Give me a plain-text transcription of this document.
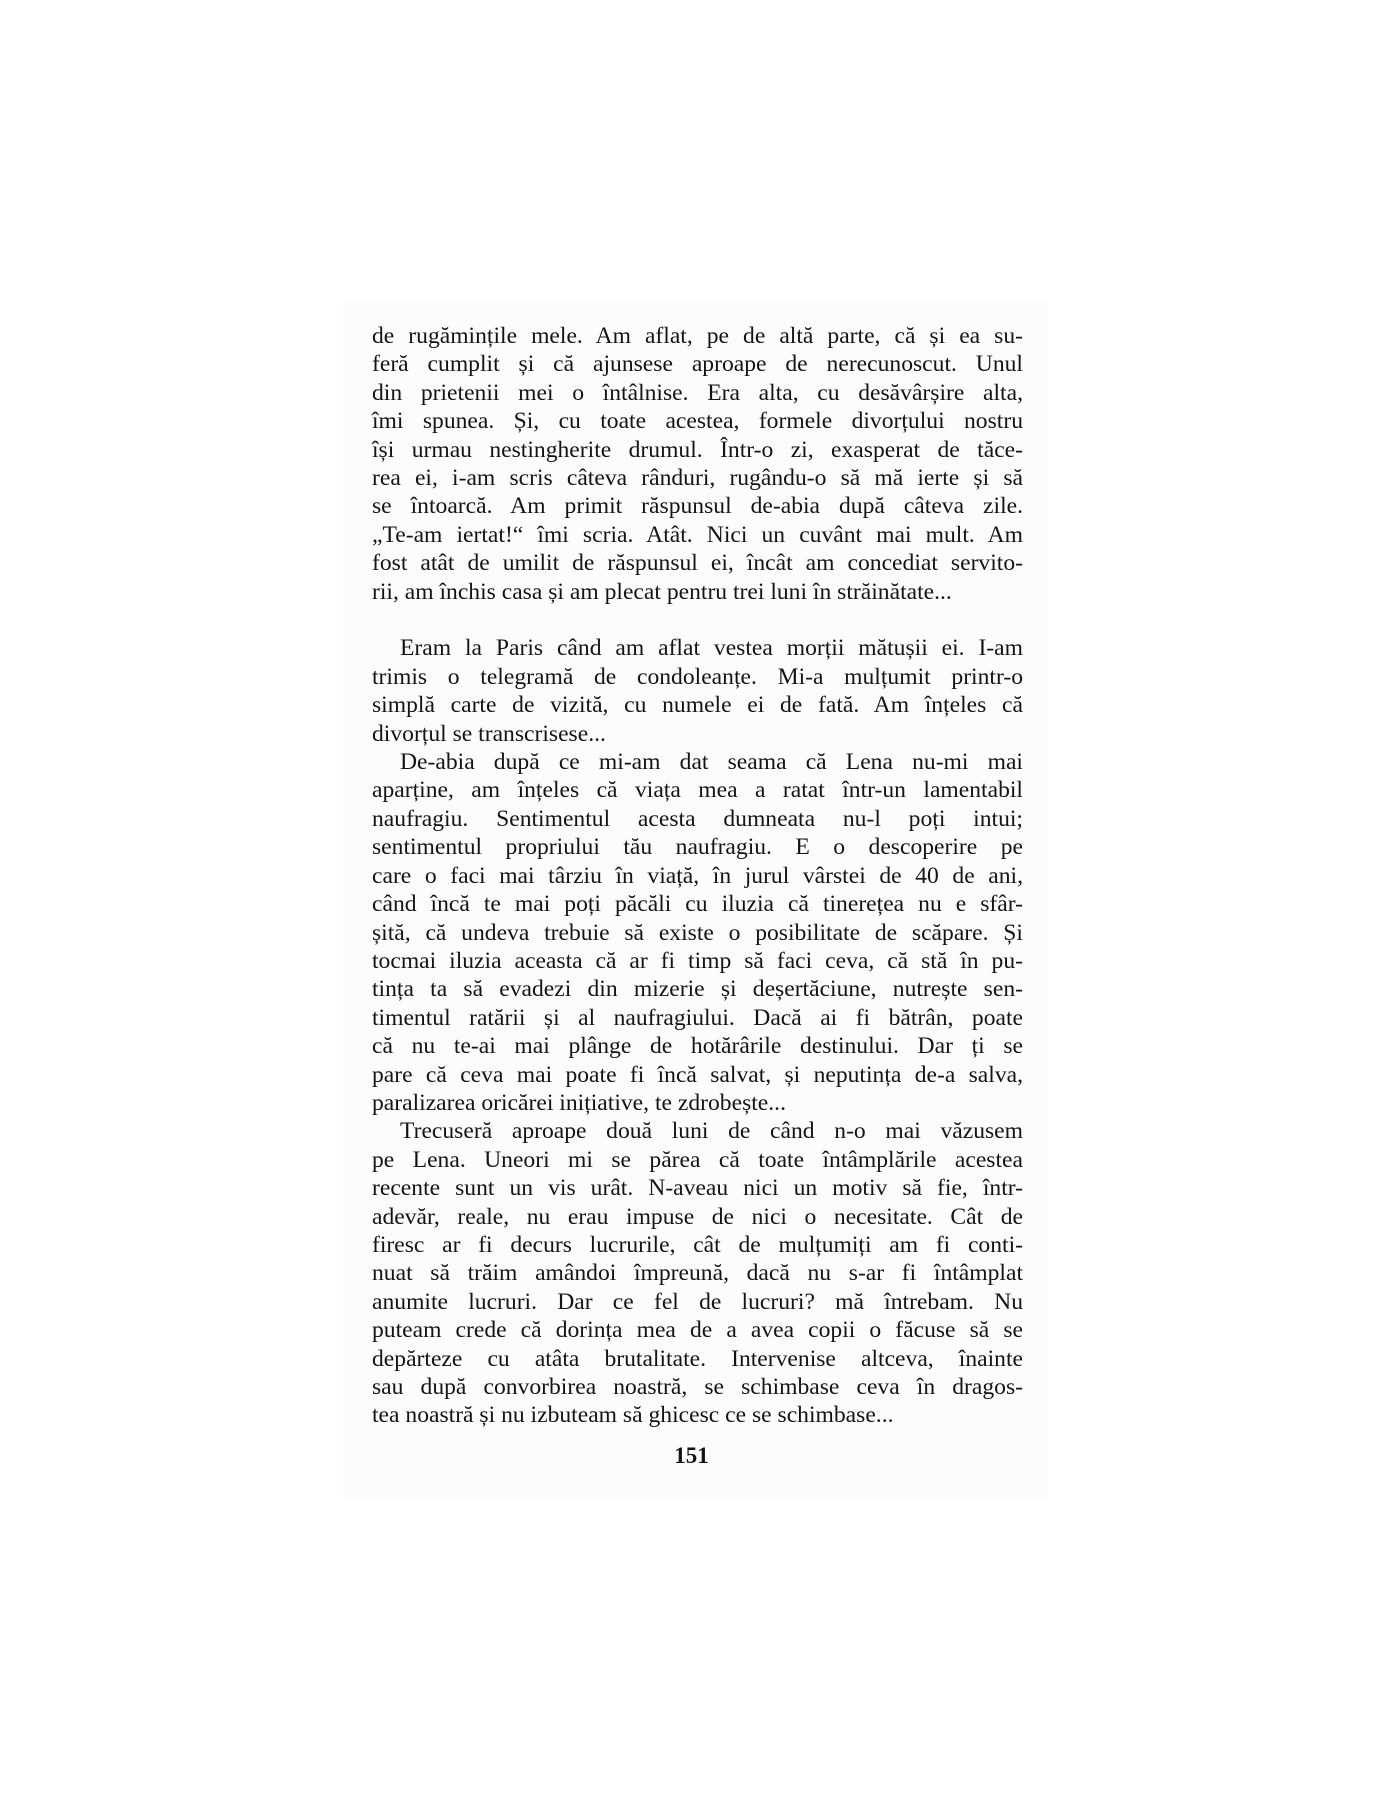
de rugămințile mele. Am aflat, pe de altă parte, că și ea su-
feră cumplit și că ajunsese aproape de nerecunoscut. Unul
din prietenii mei o întâlnise. Era alta, cu desăvârșire alta,
îmi spunea. Și, cu toate acestea, formele divorțului nostru
își urmau nestingherite drumul. Într-o zi, exasperat de tăce-
rea ei, i-am scris câteva rânduri, rugându-o să mă ierte și să
se întoarcă. Am primit răspunsul de-abia după câteva zile.
„Te-am iertat!“ îmi scria. Atât. Nici un cuvânt mai mult. Am
fost atât de umilit de răspunsul ei, încât am concediat servito-
rii, am închis casa și am plecat pentru trei luni în străinătate...
Eram la Paris când am aflat vestea morții mătușii ei. I-am
trimis o telegramă de condoleanțe. Mi-a mulțumit printr-o
simplă carte de vizită, cu numele ei de fată. Am înțeles că
divorțul se transcrisese...
De-abia după ce mi-am dat seama că Lena nu-mi mai
aparține, am înțeles că viața mea a ratat într-un lamentabil
naufragiu. Sentimentul acesta dumneata nu-l poți intui;
sentimentul propriului tău naufragiu. E o descoperire pe
care o faci mai târziu în viață, în jurul vârstei de 40 de ani,
când încă te mai poți păcăli cu iluzia că tinerețea nu e sfâr-
șită, că undeva trebuie să existe o posibilitate de scăpare. Și
tocmai iluzia aceasta că ar fi timp să faci ceva, că stă în pu-
tința ta să evadezi din mizerie și deșertăciune, nutrește sen-
timentul ratării și al naufragiului. Dacă ai fi bătrân, poate
că nu te-ai mai plânge de hotărârile destinului. Dar ți se
pare că ceva mai poate fi încă salvat, și neputința de-a salva,
paralizarea oricărei inițiative, te zdrobește...
Trecuseră aproape două luni de când n-o mai văzusem
pe Lena. Uneori mi se părea că toate întâmplările acestea
recente sunt un vis urât. N-aveau nici un motiv să fie, într-
adevăr, reale, nu erau impuse de nici o necesitate. Cât de
firesc ar fi decurs lucrurile, cât de mulțumiți am fi conti-
nuat să trăim amândoi împreună, dacă nu s-ar fi întâmplat
anumite lucruri. Dar ce fel de lucruri? mă întrebam. Nu
puteam crede că dorința mea de a avea copii o făcuse să se
depărteze cu atâta brutalitate. Intervenise altceva, înainte
sau după convorbirea noastră, se schimbase ceva în dragos-
tea noastră și nu izbuteam să ghicesc ce se schimbase...
151
